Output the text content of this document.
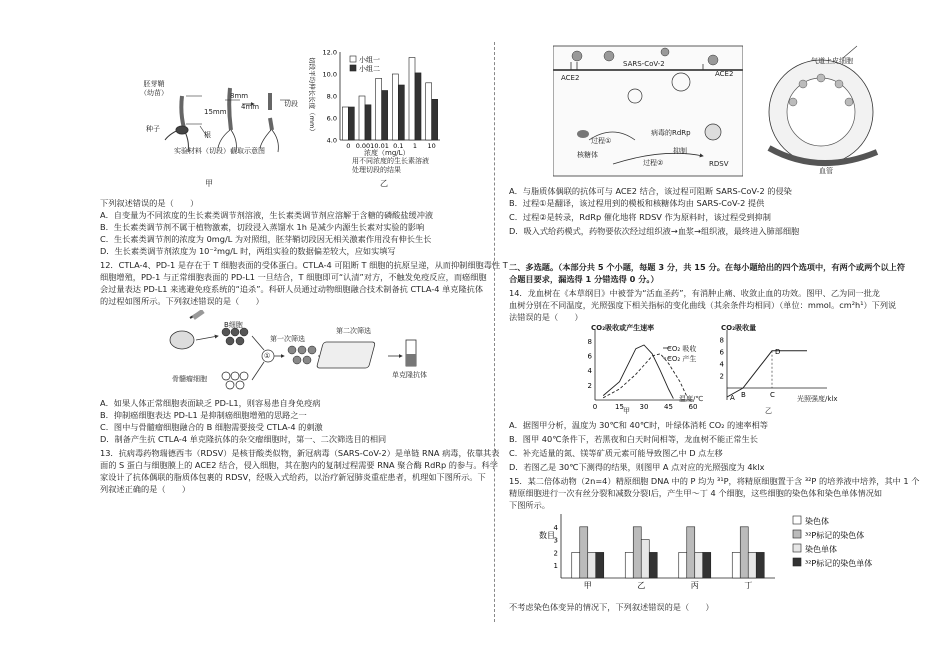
胚芽鞘
（幼苗）
种子
根
15mm
8mm
4mm	切段
实验材料（切段）截取示意图
甲
4.0
6.0
8.0
10.0
12.0
0 0.001 0.01 0.1 1 10
小组一
小组二
切段平均伸长长度（mm）
浓度（mg/L）
用不同浓度的生长素溶液
处理切段的结果
乙
下列叙述错误的是（　　）
A．自变量为不同浓度的生长素类调节剂溶液，生长素类调节剂应溶解于含糖的磷酸盐缓冲液
B．生长素类调节剂不属于植物激素，切段浸入蒸馏水 1h 是减少内源生长素对实验的影响
C．生长素类调节剂的浓度为 0mg/L 为对照组，胚芽鞘切段因无相关激素作用没有伸长生长
D．生长素类调节剂浓度为 10⁻²mg/L 时，两组实验的数据偏差较大，应如实填写
12．CTLA-4、PD-1 是存在于 T 细胞表面的受体蛋白。CTLA-4 可阻断 T 细胞的抗原呈递，从而抑制细胞毒性 T
细胞增殖，PD-1 与正常细胞表面的 PD-L1 一旦结合，T 细胞即可“认清”对方，不触发免疫反应，而癌细胞
会过量表达 PD-L1 来逃避免疫系统的“追杀”。科研人员通过动物细胞融合技术制备抗 CTLA-4 单克隆抗体
的过程如图所示。下列叙述错误的是（　　）
B细胞
骨髓瘤细胞
第一次筛选
第二次筛选
①
单克隆抗体
A．如果人体正常细胞表面缺乏 PD-L1，则容易患自身免疫病
B．抑制癌细胞表达 PD-L1 是抑制癌细胞增殖的思路之一
C．图中与骨髓瘤细胞融合的 B 细胞需要接受 CTLA-4 的刺激
D．制备产生抗 CTLA-4 单克隆抗体的杂交瘤细胞时，第一、二次筛选目的相同
13．抗病毒药物瑞德西韦（RDSV）是核苷酸类似物，新冠病毒（SARS-CoV-2）是单链 RNA 病毒，依靠其表
面的 S 蛋白与细胞膜上的 ACE2 结合，侵入细胞，其在胞内的复制过程需要 RNA 聚合酶 RdRp 的参与。科学
家设计了抗体偶联的脂质体包裹的 RDSV，经吸入式给药，以治疗新冠肺炎重症患者，机理如下图所示。下
列叙述正确的是（　　）
SARS-CoV-2
ACE2	ACE2
过程①
病毒的RdRp
核糖体
过程②
抑制
RDSV
气道上皮细胞
血管
A．与脂质体偶联的抗体可与 ACE2 结合，该过程可阻断 SARS-CoV-2 的侵染
B．过程①是翻译，该过程用到的模板和核糖体均由 SARS-CoV-2 提供
C．过程②是转录，RdRp 催化地将 RDSV 作为原料时，该过程受到抑制
D．吸入式给药模式，药物要依次经过组织液→血浆→组织液，最终进入肺部细胞
二、多选题。（本部分共 5 个小题，每题 3 分，共 15 分。在每小题给出的四个选项中，有两个或两个以上符
合题目要求，漏选得 1 分错选得 0 分。）
14．龙血树在《本草纲目》中被誉为“活血圣药”，有消肿止痛、收敛止血的功效。图甲、乙为同一批龙
血树分别在不同温度，光照强度下相关指标的变化曲线（其余条件均相同）（单位：mmol。cm²h¹）下列说
法错误的是（　　）
2
4
6
8
0	15 30 45 60
CO₂吸收或产生速率
温度/℃
甲
CO₂ 吸收
CO₂ 产生
2
4
6
8
A B	C
D
CO₂吸收量
光照强度/klx
乙
A．据图甲分析，温度为 30℃和 40℃时，叶绿体消耗 CO₂ 的速率相等
B．图甲 40℃条件下，若黑夜和白天时间相等，龙血树不能正常生长
C．补充适量的氮、镁等矿质元素可能导致图乙中 D 点左移
D．若图乙是 30℃下测得的结果，则图甲 A 点对应的光照强度为 4klx
15．某二倍体动物（2n=4）精原细胞 DNA 中的 P 均为 ³¹P，将精原细胞置于含 ³²P 的培养液中培养，其中 1 个
精原细胞进行一次有丝分裂和减数分裂Ⅰ后，产生甲～丁 4 个细胞，这些细胞的染色体和染色单体情况如
下图所示。
数目
1
2
3
4
甲	乙	丙	丁
染色体
³²P标记的染色体
染色单体
³²P标记的染色单体
不考虑染色体变异的情况下，下列叙述错误的是（　　）
